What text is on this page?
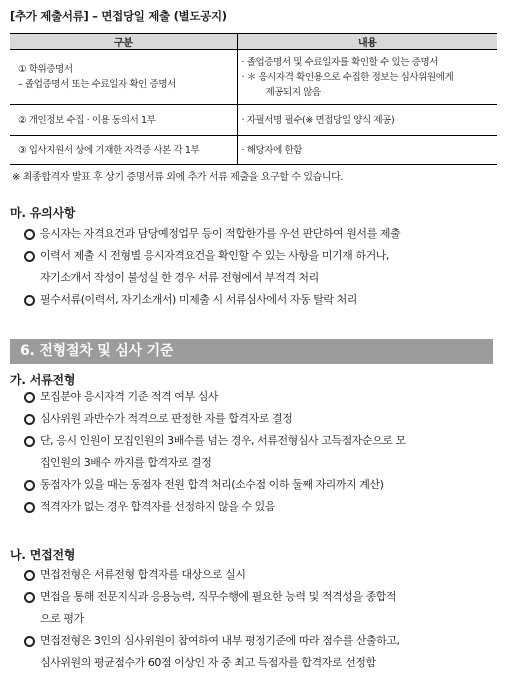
[추가 제출서류] – 면접당일 제출 (별도공지)
구분	내용

① 학위증명서
– 졸업증명서 또는 수료일자 확인 증명서	· 졸업증명서 및 수료일자를 확인할 수 있는 증명서
· ＊ 응시자격 확인용으로 수집한 정보는 심사위원에게
제공되지 않음

② 개인정보 수집 · 이용 동의서 1부	· 자필서명 필수(※ 면접당일 양식 제공)

③ 입사지원서 상에 기재한 자격증 사본 각 1부	· 해당자에 한함
※ 최종합격자 발표 후 상기 증명서류 외에 추가 서류 제출을 요구할 수 있습니다.
마. 유의사항
응시자는 자격요건과 담당예정업무 등이 적합한가를 우선 판단하여 원서를 제출
이력서 제출 시 전형별 응시자격요건을 확인할 수 있는 사항을 미기재 하거나,
자기소개서 작성이 불성실 한 경우 서류 전형에서 부적격 처리
필수서류(이력서, 자기소개서) 미제출 시 서류심사에서 자동 탈락 처리
6. 전형절차 및 심사 기준
가. 서류전형
모집분야 응시자격 기준 적격 여부 심사
심사위원 과반수가 적격으로 판정한 자를 합격자로 결정
단, 응시 인원이 모집인원의 3배수를 넘는 경우, 서류전형심사 고득점자순으로 모
집인원의 3배수 까지를 합격자로 결정
동점자가 있을 때는 동점자 전원 합격 처리(소수점 이하 둘째 자리까지 계산)
적격자가 없는 경우 합격자를 선정하지 않을 수 있음
나. 면접전형
면접전형은 서류전형 합격자를 대상으로 실시
면접을 통해 전문지식과 응용능력, 직무수행에 필요한 능력 및 적격성을 종합적
으로 평가
면접전형은 3인의 심사위원이 참여하여 내부 평정기준에 따라 점수를 산출하고,
심사위원의 평균점수가 60점 이상인 자 중 최고 득점자를 합격자로 선정함
